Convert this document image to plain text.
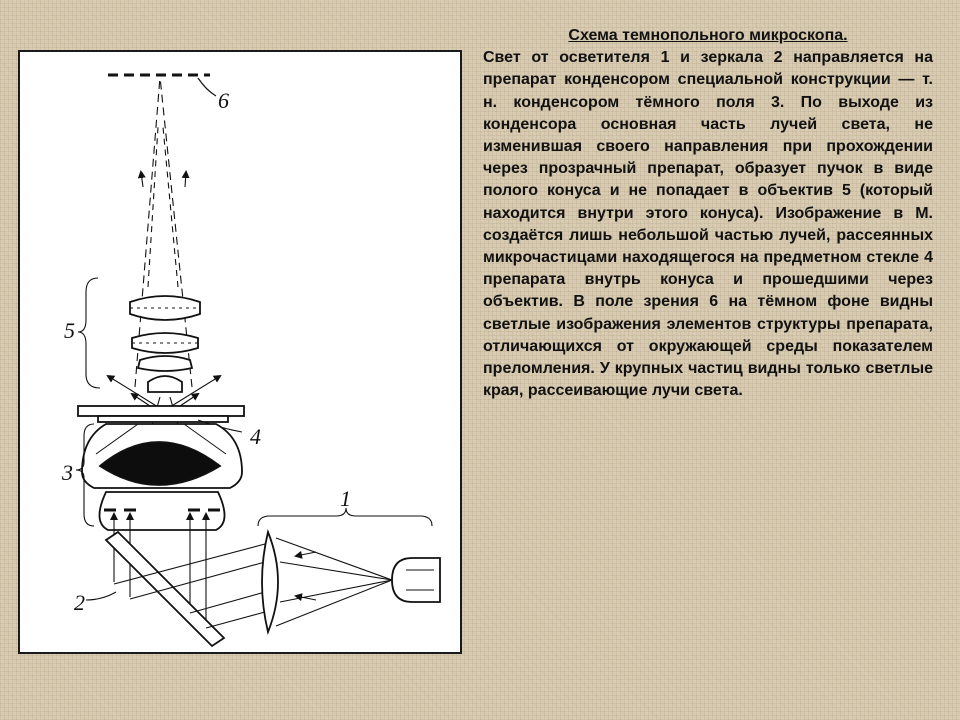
6
5
4
3
2
1

Схема темнопольного микроскопа.

Свет от осветителя 1 и зеркала 2 направляется на препарат конденсором специальной конструкции — т. н. конденсором тёмного поля 3. По выходе из конденсора основная часть лучей света, не изменившая своего направления при прохождении через прозрачный препарат, образует пучок в виде полого конуса и не попадает в объектив 5 (который находится внутри этого конуса). Изображение в М. создаётся лишь небольшой частью лучей, рассеянных микрочастицами находящегося на предметном стекле 4 препарата внутрь конуса и прошедшими через объектив. В поле зрения 6 на тёмном фоне видны светлые изображения элементов структуры препарата, отличающихся от окружающей среды показателем преломления. У крупных частиц видны только светлые края, рассеивающие лучи света.
